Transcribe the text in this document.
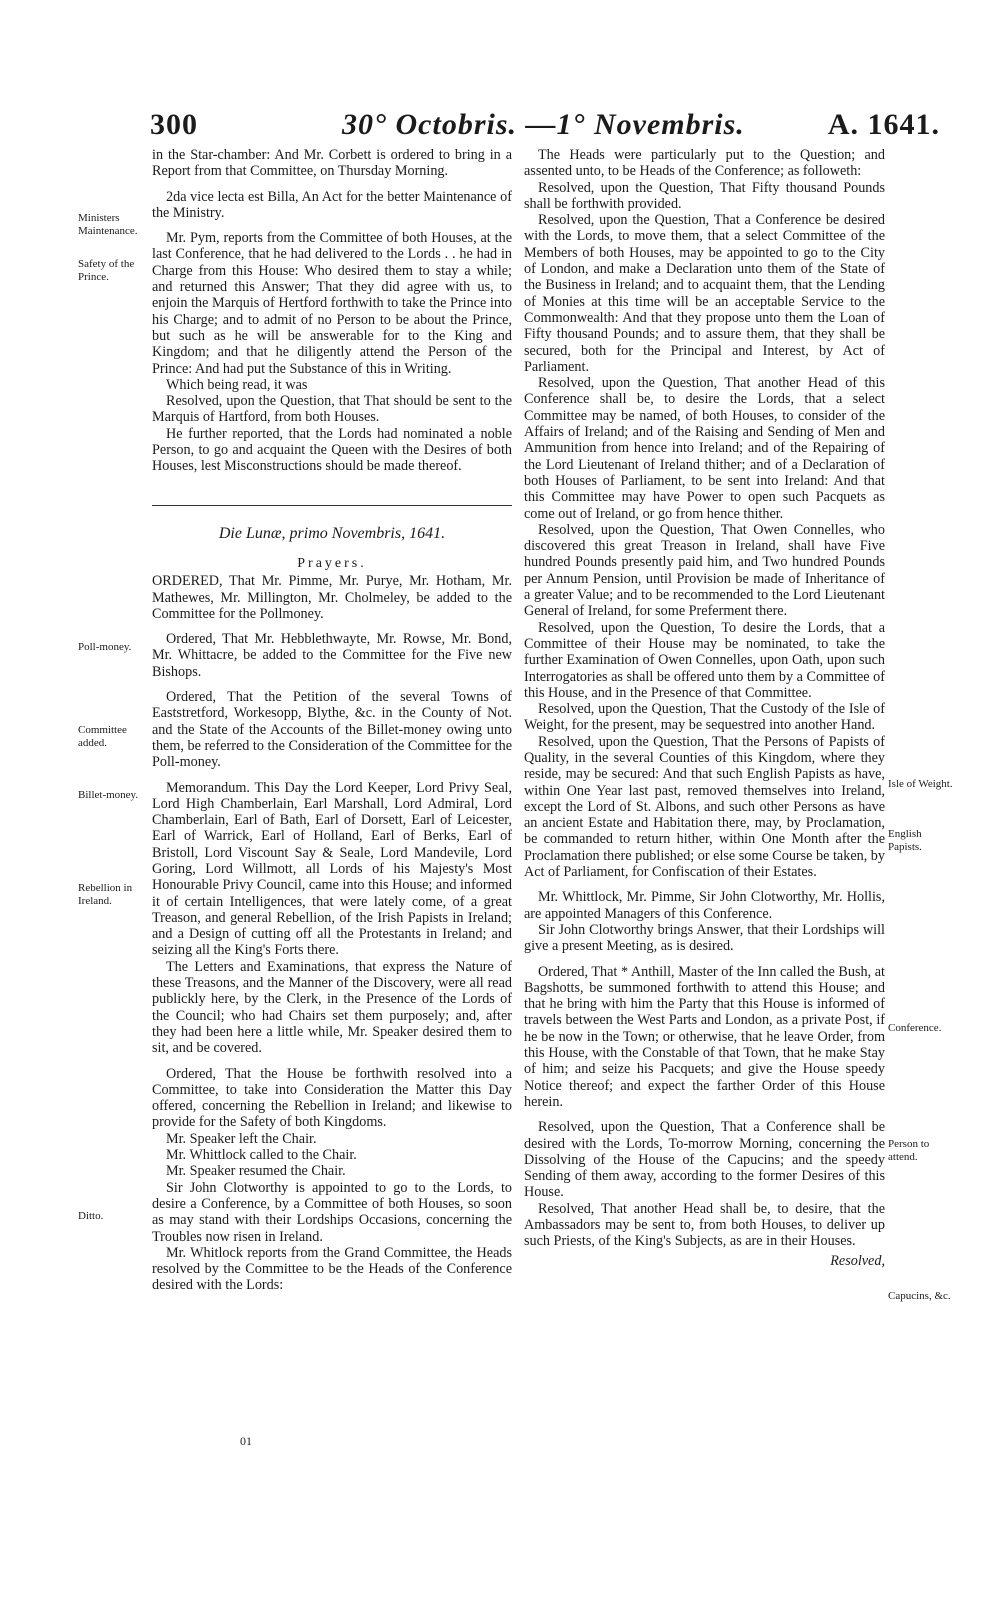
300	30° Octobris. —1° Novembris.	A. 1641.
Ministers Maintenance.
Safety of the Prince.
Poll-money.
Committee added.
Billet-money.
Rebellion in Ireland.
Ditto.
Isle of Weight.
English Papists.
Conference.
Person to attend.
Capucins, &c.

in the Star-chamber: And Mr. Corbett is ordered to bring in a Report from that Committee, on Thursday Morning.

2da vice lecta est Billa, An Act for the better Maintenance of the Ministry.

Mr. Pym, reports from the Committee of both Houses, at the last Conference, that he had delivered to the Lords . . he had in Charge from this House: Who desired them to stay a while; and returned this Answer; That they did agree with us, to enjoin the Marquis of Hertford forthwith to take the Prince into his Charge; and to admit of no Person to be about the Prince, but such as he will be answerable for to the King and Kingdom; and that he diligently attend the Person of the Prince: And had put the Substance of this in Writing.

Which being read, it was

Resolved, upon the Question, that That should be sent to the Marquis of Hartford, from both Houses.

He further reported, that the Lords had nominated a noble Person, to go and acquaint the Queen with the Desires of both Houses, lest Misconstructions should be made thereof.

Die Lunæ, primo Novembris, 1641.
Prayers.

ORDERED, That Mr. Pimme, Mr. Purye, Mr. Hotham, Mr. Mathewes, Mr. Millington, Mr. Cholmeley, be added to the Committee for the Pollmoney.

Ordered, That Mr. Hebblethwayte, Mr. Rowse, Mr. Bond, Mr. Whittacre, be added to the Committee for the Five new Bishops.

Ordered, That the Petition of the several Towns of Eaststretford, Workesopp, Blythe, &c. in the County of Not. and the State of the Accounts of the Billet-money owing unto them, be referred to the Consideration of the Committee for the Poll-money.

Memorandum. This Day the Lord Keeper, Lord Privy Seal, Lord High Chamberlain, Earl Marshall, Lord Admiral, Lord Chamberlain, Earl of Bath, Earl of Dorsett, Earl of Leicester, Earl of Warrick, Earl of Holland, Earl of Berks, Earl of Bristoll, Lord Viscount Say & Seale, Lord Mandevile, Lord Goring, Lord Willmott, all Lords of his Majesty's Most Honourable Privy Council, came into this House; and informed it of certain Intelligences, that were lately come, of a great Treason, and general Rebellion, of the Irish Papists in Ireland; and a Design of cutting off all the Protestants in Ireland; and seizing all the King's Forts there.

The Letters and Examinations, that express the Nature of these Treasons, and the Manner of the Discovery, were all read publickly here, by the Clerk, in the Presence of the Lords of the Council; who had Chairs set them purposely; and, after they had been here a little while, Mr. Speaker desired them to sit, and be covered.

Ordered, That the House be forthwith resolved into a Committee, to take into Consideration the Matter this Day offered, concerning the Rebellion in Ireland; and likewise to provide for the Safety of both Kingdoms.

Mr. Speaker left the Chair.

Mr. Whittlock called to the Chair.

Mr. Speaker resumed the Chair.

Sir John Clotworthy is appointed to go to the Lords, to desire a Conference, by a Committee of both Houses, so soon as may stand with their Lordships Occasions, concerning the Troubles now risen in Ireland.

Mr. Whitlock reports from the Grand Committee, the Heads resolved by the Committee to be the Heads of the Conference desired with the Lords:

The Heads were particularly put to the Question; and assented unto, to be Heads of the Conference; as followeth:

Resolved, upon the Question, That Fifty thousand Pounds shall be forthwith provided.

Resolved, upon the Question, That a Conference be desired with the Lords, to move them, that a select Committee of the Members of both Houses, may be appointed to go to the City of London, and make a Declaration unto them of the State of the Business in Ireland; and to acquaint them, that the Lending of Monies at this time will be an acceptable Service to the Commonwealth: And that they propose unto them the Loan of Fifty thousand Pounds; and to assure them, that they shall be secured, both for the Principal and Interest, by Act of Parliament.

Resolved, upon the Question, That another Head of this Conference shall be, to desire the Lords, that a select Committee may be named, of both Houses, to consider of the Affairs of Ireland; and of the Raising and Sending of Men and Ammunition from hence into Ireland; and of the Repairing of the Lord Lieutenant of Ireland thither; and of a Declaration of both Houses of Parliament, to be sent into Ireland: And that this Committee may have Power to open such Pacquets as come out of Ireland, or go from hence thither.

Resolved, upon the Question, That Owen Connelles, who discovered this great Treason in Ireland, shall have Five hundred Pounds presently paid him, and Two hundred Pounds per Annum Pension, until Provision be made of Inheritance of a greater Value; and to be recommended to the Lord Lieutenant General of Ireland, for some Preferment there.

Resolved, upon the Question, To desire the Lords, that a Committee of their House may be nominated, to take the further Examination of Owen Connelles, upon Oath, upon such Interrogatories as shall be offered unto them by a Committee of this House, and in the Presence of that Committee.

Resolved, upon the Question, That the Custody of the Isle of Weight, for the present, may be sequestred into another Hand.

Resolved, upon the Question, That the Persons of Papists of Quality, in the several Counties of this Kingdom, where they reside, may be secured: And that such English Papists as have, within One Year last past, removed themselves into Ireland, except the Lord of St. Albons, and such other Persons as have an ancient Estate and Habitation there, may, by Proclamation, be commanded to return hither, within One Month after the Proclamation there published; or else some Course be taken, by Act of Parliament, for Confiscation of their Estates.

Mr. Whittlock, Mr. Pimme, Sir John Clotworthy, Mr. Hollis, are appointed Managers of this Conference.

Sir John Clotworthy brings Answer, that their Lordships will give a present Meeting, as is desired.

Ordered, That * Anthill, Master of the Inn called the Bush, at Bagshotts, be summoned forthwith to attend this House; and that he bring with him the Party that this House is informed of travels between the West Parts and London, as a private Post, if he be now in the Town; or otherwise, that he leave Order, from this House, with the Constable of that Town, that he make Stay of him; and seize his Pacquets; and give the House speedy Notice thereof; and expect the farther Order of this House herein.

Resolved, upon the Question, That a Conference shall be desired with the Lords, To-morrow Morning, concerning the Dissolving of the House of the Capucins; and the speedy Sending of them away, according to the former Desires of this House.

Resolved, That another Head shall be, to desire, that the Ambassadors may be sent to, from both Houses, to deliver up such Priests, of the King's Subjects, as are in their Houses.

Resolved,

01
